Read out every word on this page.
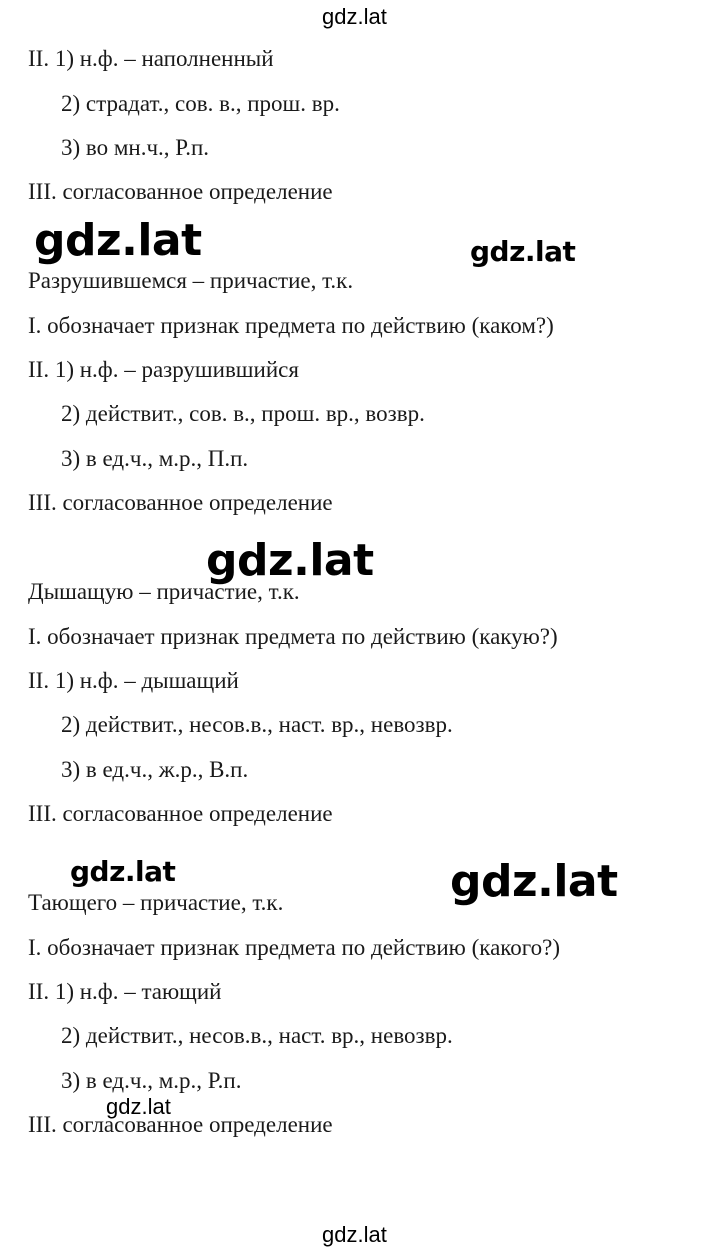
gdz.lat
gdz.lat	gdz.lat
gdz.lat
gdz.lat	gdz.lat
gdz.lat
gdz.lat
II. 1) н.ф. – наполненный
2) страдат., сов. в., прош. вр.
3) во мн.ч., Р.п.
III. согласованное определение
Разрушившемся – причастие, т.к.
I. обозначает признак предмета по действию (каком?)
II. 1) н.ф. – разрушившийся
2) действит., сов. в., прош. вр., возвр.
3) в ед.ч., м.р., П.п.
III. согласованное определение
Дышащую – причастие, т.к.
I. обозначает признак предмета по действию (какую?)
II. 1) н.ф. – дышащий
2) действит., несов.в., наст. вр., невозвр.
3) в ед.ч., ж.р., В.п.
III. согласованное определение
Тающего – причастие, т.к.
I. обозначает признак предмета по действию (какого?)
II. 1) н.ф. – тающий
2) действит., несов.в., наст. вр., невозвр.
3) в ед.ч., м.р., Р.п.
III. согласованное определение
